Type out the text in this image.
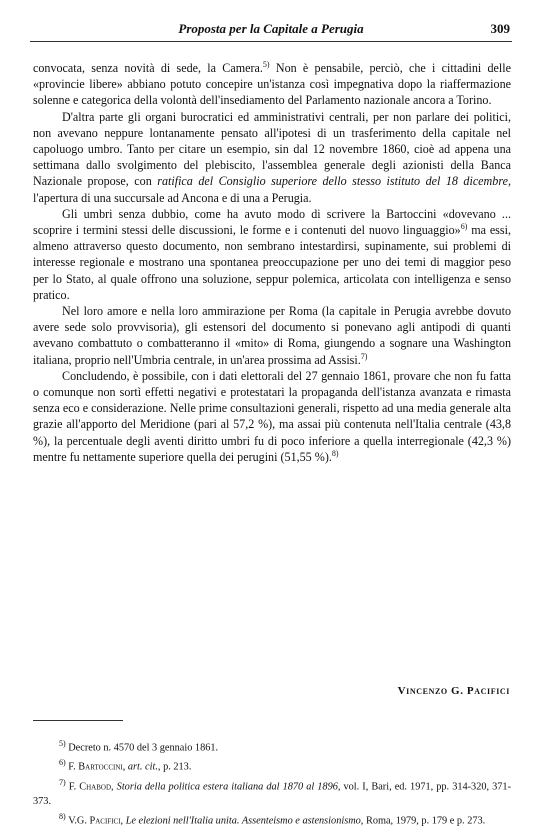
Proposta per la Capitale a Perugia	309

convocata, senza novità di sede, la Camera.$^{5)}$ Non è pensabile, perciò, che i cittadini delle «provincie libere» abbiano potuto concepire un'istanza così impegnativa dopo la riaffermazione solenne e categorica della volontà dell'insediamento del Parlamento nazionale ancora a Torino.

D'altra parte gli organi burocratici ed amministrativi centrali, per non parlare dei politici, non avevano neppure lontanamente pensato all'ipotesi di un trasferimento della capitale nel capoluogo umbro. Tanto per citare un esempio, sin dal 12 novembre 1860, cioè ad appena una settimana dallo svolgimento del plebiscito, l'assemblea generale degli azionisti della Banca Nazionale propose, con ratifica del Consiglio superiore dello stesso istituto del 18 dicembre, l'apertura di una succursale ad Ancona e di una a Perugia.

Gli umbri senza dubbio, come ha avuto modo di scrivere la Bartoccini «dovevano ... scoprire i termini stessi delle discussioni, le forme e i contenuti del nuovo linguaggio»$^{6)}$ ma essi, almeno attraverso questo documento, non sembrano intestardirsi, supinamente, sui problemi di interesse regionale e mostrano una spontanea preoccupazione per uno dei temi di maggior peso per lo Stato, al quale offrono una soluzione, seppur polemica, articolata con intelligenza e senso pratico.

Nel loro amore e nella loro ammirazione per Roma (la capitale in Perugia avrebbe dovuto avere sede solo provvisoria), gli estensori del documento si ponevano agli antipodi di quanti avevano combattuto o combatteranno il «mito» di Roma, giungendo a sognare una Washington italiana, proprio nell'Umbria centrale, in un'area prossima ad Assisi.$^{7)}$

Concludendo, è possibile, con i dati elettorali del 27 gennaio 1861, provare che non fu fatta o comunque non sortì effetti negativi e protestatari la propaganda dell'istanza avanzata e rimasta senza eco e considerazione. Nelle prime consultazioni generali, rispetto ad una media generale alta grazie all'apporto del Meridione (pari al 57,2 %), ma assai più contenuta nell'Italia centrale (43,8 %), la percentuale degli aventi diritto umbri fu di poco inferiore a quella interregionale (42,3 %) mentre fu nettamente superiore quella dei perugini (51,55 %).$^{8)}$

Vincenzo G. Pacifici

$^{5)}$ Decreto n. 4570 del 3 gennaio 1861.

$^{6)}$ F. Bartoccini, art. cit., p. 213.

$^{7)}$ F. Chabod, Storia della politica estera italiana dal 1870 al 1896, vol. I, Bari, ed. 1971, pp. 314-320, 371-373.

$^{8)}$ V.G. Pacifici, Le elezioni nell'Italia unita. Assenteismo e astensionismo, Roma, 1979, p. 179 e p. 273.
